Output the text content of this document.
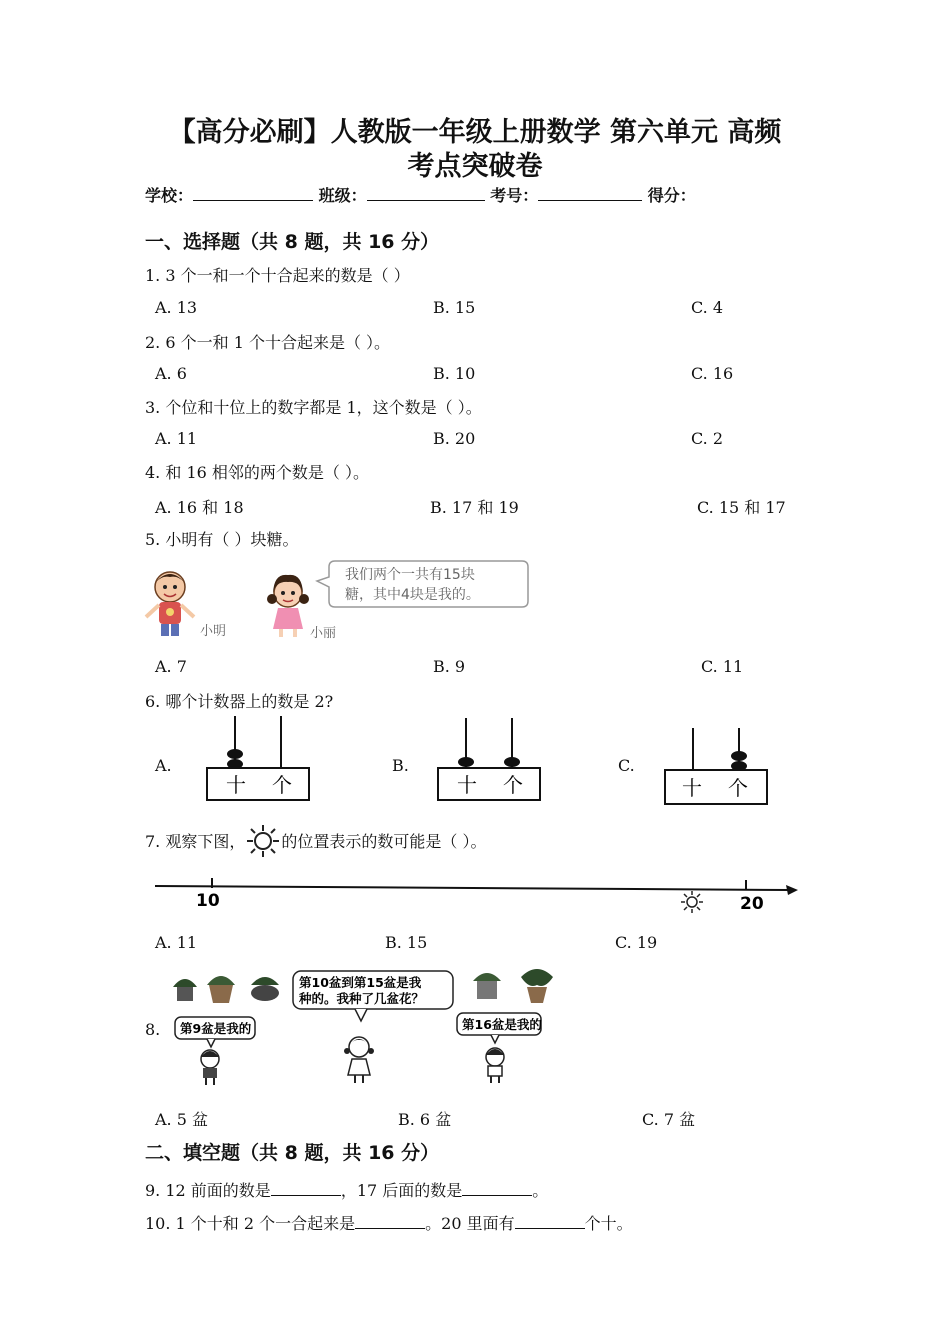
【高分必刷】人教版一年级上册数学 第六单元 高频
考点突破卷
学校：	班级：	考号：	得分：
一、选择题（共 8 题，共 16 分）
1. 3 个一和一个十合起来的数是（ ）
A. 13	B. 15	C. 4
2. 6 个一和 1 个十合起来是（ ）。
A. 6	B. 10	C. 16
3. 个位和十位上的数字都是 1，这个数是（ ）。
A. 11	B. 20	C. 2
4. 和 16 相邻的两个数是（ ）。
A. 16 和 18	B. 17 和 19	C. 15 和 17
5. 小明有（ ）块糖。
小明	小丽
我们两个一共有15块
糖，其中4块是我的。
A. 7	B. 9	C. 11
6. 哪个计数器上的数是 2?
A.	B.	C.
十 个	十 个	十 个
7. 观察下图， 的位置表示的数可能是（ ）。
10	20
A. 11	B. 15	C. 19
8.
第10盆到第15盆是我
种的。我种了几盆花？
第9盆是我的	第16盆是我的
A. 5 盆	B. 6 盆	C. 7 盆
二、填空题（共 8 题，共 16 分）
9. 12 前面的数是	，17 后面的数是	。
10. 1 个十和 2 个一合起来是	。20 里面有	个十。
